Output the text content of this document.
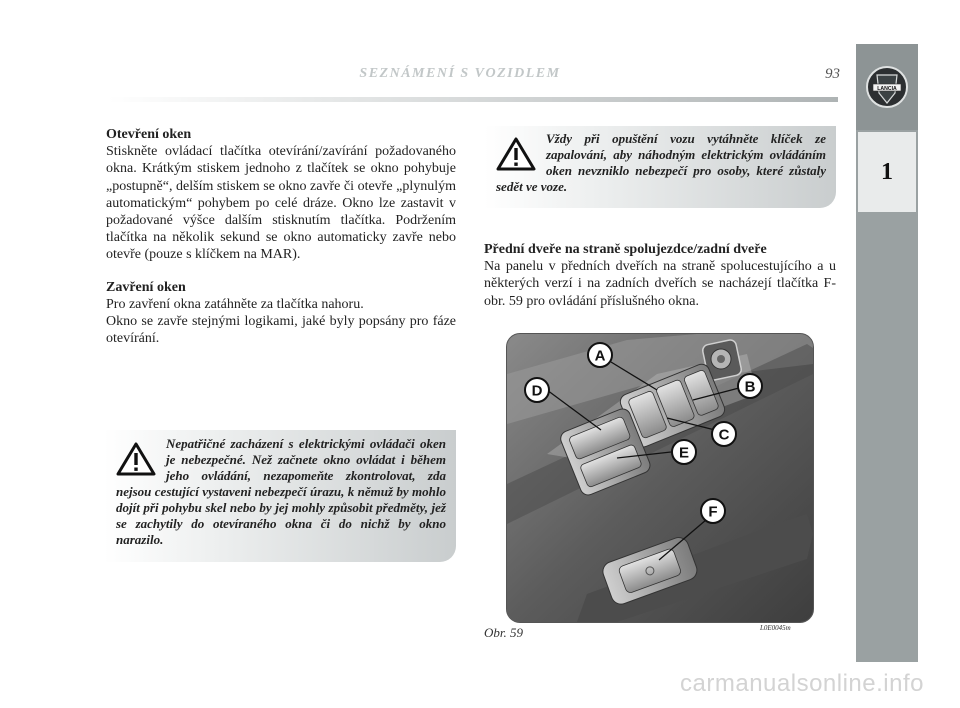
SEZNÁMENÍ S VOZIDLEM	93
LANCIA
1

Otevření oken

Stiskněte ovládací tlačítka otevírání/zavírání požadovaného okna. Krátkým stiskem jednoho z tlačítek se okno pohybuje „postupně“, delším stiskem se okno zavře či otevře „plynulým automatickým“ pohybem po celé dráze. Okno lze zastavit v požadované výšce dalším stisknutím tlačítka. Podržením tlačítka na několik sekund se okno automaticky zavře nebo otevře (pouze s klíčkem na MAR).

Zavření oken

Pro zavření okna zatáhněte za tlačítka nahoru.

Okno se zavře stejnými logikami, jaké byly popsány pro fáze otevírání.

Nepatřičné zacházení s elektrickými ovládači oken je nebezpečné. Než začnete okno ovládat i během jeho ovládání, nezapomeňte zkontrolovat, zda nejsou cestující vystaveni nebezpečí úrazu, k němuž by mohlo dojít při pohybu skel nebo by jej mohly způsobit předměty, jež se zachytily do otevíraného okna či do nichž by okno narazilo.
Vždy při opuštění vozu vytáhněte klíček ze zapalování, aby náhodným elektrickým ovládáním oken nevzniklo nebezpečí pro osoby, které zůstaly sedět ve voze.

Přední dveře na straně spolujezdce/zadní dveře

Na panelu v předních dveřích na straně spolucestujícího a u některých verzí i na zadních dveřích se nacházejí tlačítka F-obr. 59 pro ovládání příslušného okna.

A
B
C
D
E
F
Obr. 59	L0E0045m
carmanualsonline.info
